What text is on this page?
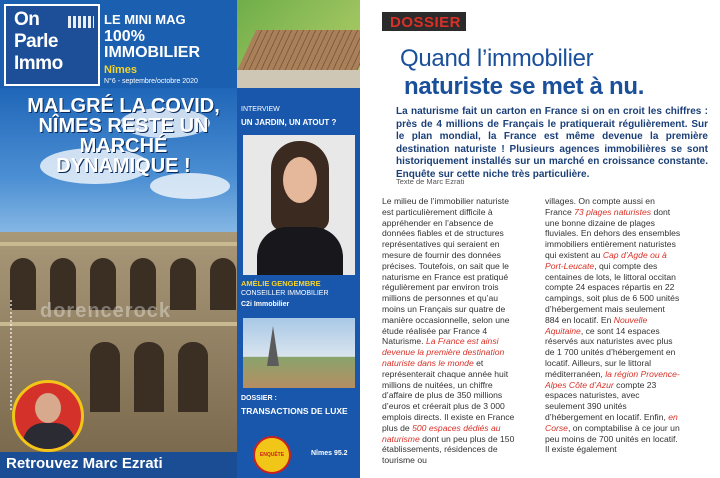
On
Parle
Immo
LE MINI MAG
100%
IMMOBILIER
Nîmes
N°6 - septembre/octobre 2020
MALGRÉ LA COVID, NÎMES RESTE UN MARCHÉ DYNAMIQUE !
dorencerock
Retrouvez Marc Ezrati
INTERVIEW
UN JARDIN, UN ATOUT ?
AMÉLIE GENGEMBRE
CONSEILLER IMMOBILIER
C2i Immobilier
DOSSIER :
TRANSACTIONS DE LUXE
ENQUÊTE	Nîmes 95.2
DOSSIER
Quand l’immobilier
naturiste se met à nu.
La naturisme fait un carton en France si on en croit les chiffres : près de 4 millions de Français le pratiquerait régulièrement. Sur le plan mondial, la France est même devenue la première destination naturiste ! Plusieurs agences immobilières se sont historiquement installés sur un marché en croissance constante. Enquête sur cette niche très particulière.
Texte de Marc Ezrati

Le milieu de l’immobilier naturiste est particulièrement difficile à appréhender en l’absence de données fiables et de structures représentatives qui seraient en mesure de fournir des données précises. Toutefois, on sait que le naturisme en France est pratiqué régulièrement par environ trois millions de personnes et qu’au moins un Français sur quatre de manière occasionnelle, selon une étude réalisée par France 4 Naturisme. La France est ainsi devenue la première destination naturiste dans le monde et représenterait chaque année huit millions de nuitées, un chiffre d’affaire de plus de 350 millions d’euros et créerait plus de 3 000 emplois directs. Il existe en France plus de 500 espaces dédiés au naturisme dont un peu plus de 150 établissements, résidences de tourisme ou

villages. On compte aussi en France 73 plages naturistes dont une bonne dizaine de plages fluviales. En dehors des ensembles immobiliers entièrement naturistes qui existent au Cap d’Agde ou à Port-Leucate, qui compte des centaines de lots, le littoral occitan compte 24 espaces répartis en 22 campings, soit plus de 6 500 unités d’hébergement mais seulement 884 en locatif. En Nouvelle Aquitaine, ce sont 14 espaces réservés aux naturistes avec plus de 1 700 unités d’hébergement en locatif. Ailleurs, sur le littoral méditerranéen, la région Provence-Alpes Côte d’Azur compte 23 espaces naturistes, avec seulement 390 unités d’hébergement en locatif. Enfin, en Corse, on comptabilise à ce jour un peu moins de 700 unités en locatif. Il existe également
